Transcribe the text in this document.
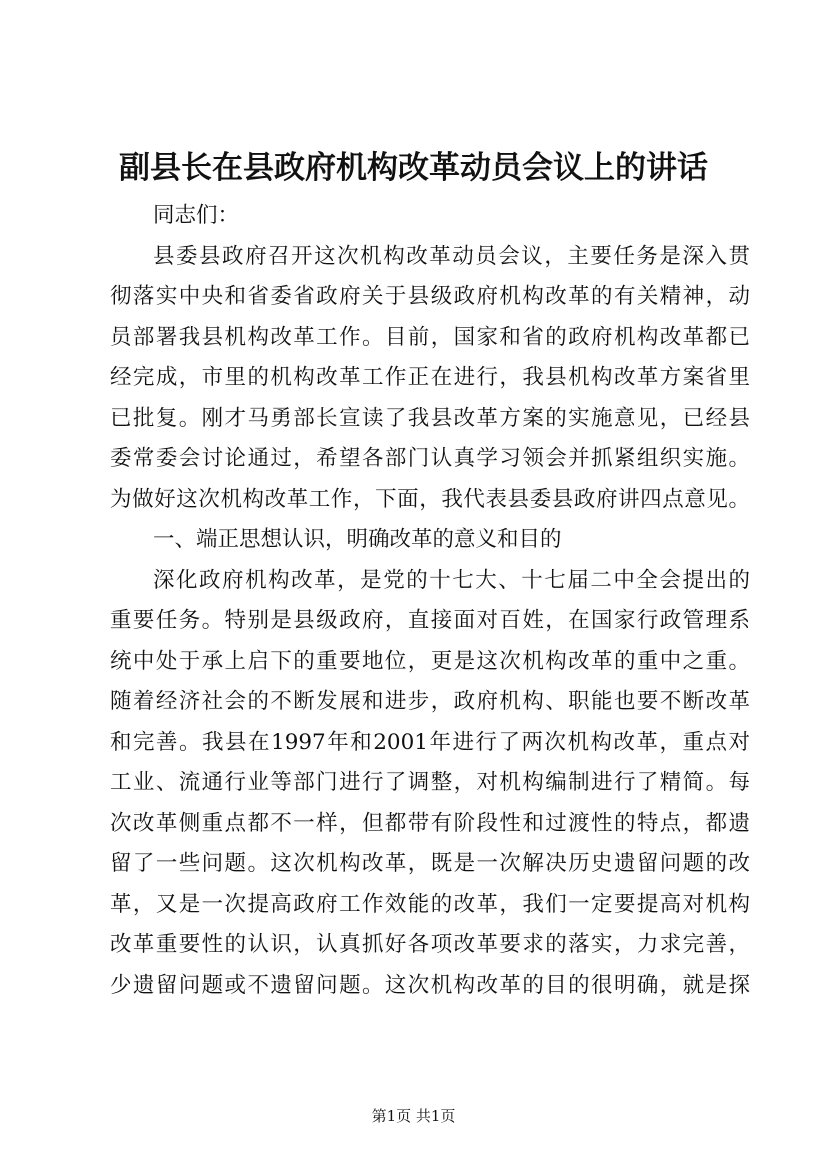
副县长在县政府机构改革动员会议上的讲话
同志们：
县委县政府召开这次机构改革动员会议，主要任务是深入贯
彻落实中央和省委省政府关于县级政府机构改革的有关精神，动
员部署我县机构改革工作。目前，国家和省的政府机构改革都已
经完成，市里的机构改革工作正在进行，我县机构改革方案省里
已批复。刚才马勇部长宣读了我县改革方案的实施意见，已经县
委常委会讨论通过，希望各部门认真学习领会并抓紧组织实施。
为做好这次机构改革工作，下面，我代表县委县政府讲四点意见。
一、端正思想认识，明确改革的意义和目的
深化政府机构改革，是党的十七大、十七届二中全会提出的
重要任务。特别是县级政府，直接面对百姓，在国家行政管理系
统中处于承上启下的重要地位，更是这次机构改革的重中之重。
随着经济社会的不断发展和进步，政府机构、职能也要不断改革
和完善。我县在1997年和2001年进行了两次机构改革，重点对
工业、流通行业等部门进行了调整，对机构编制进行了精简。每
次改革侧重点都不一样，但都带有阶段性和过渡性的特点，都遗
留了一些问题。这次机构改革，既是一次解决历史遗留问题的改
革，又是一次提高政府工作效能的改革，我们一定要提高对机构
改革重要性的认识，认真抓好各项改革要求的落实，力求完善，
少遗留问题或不遗留问题。这次机构改革的目的很明确，就是探
第1页 共1页
